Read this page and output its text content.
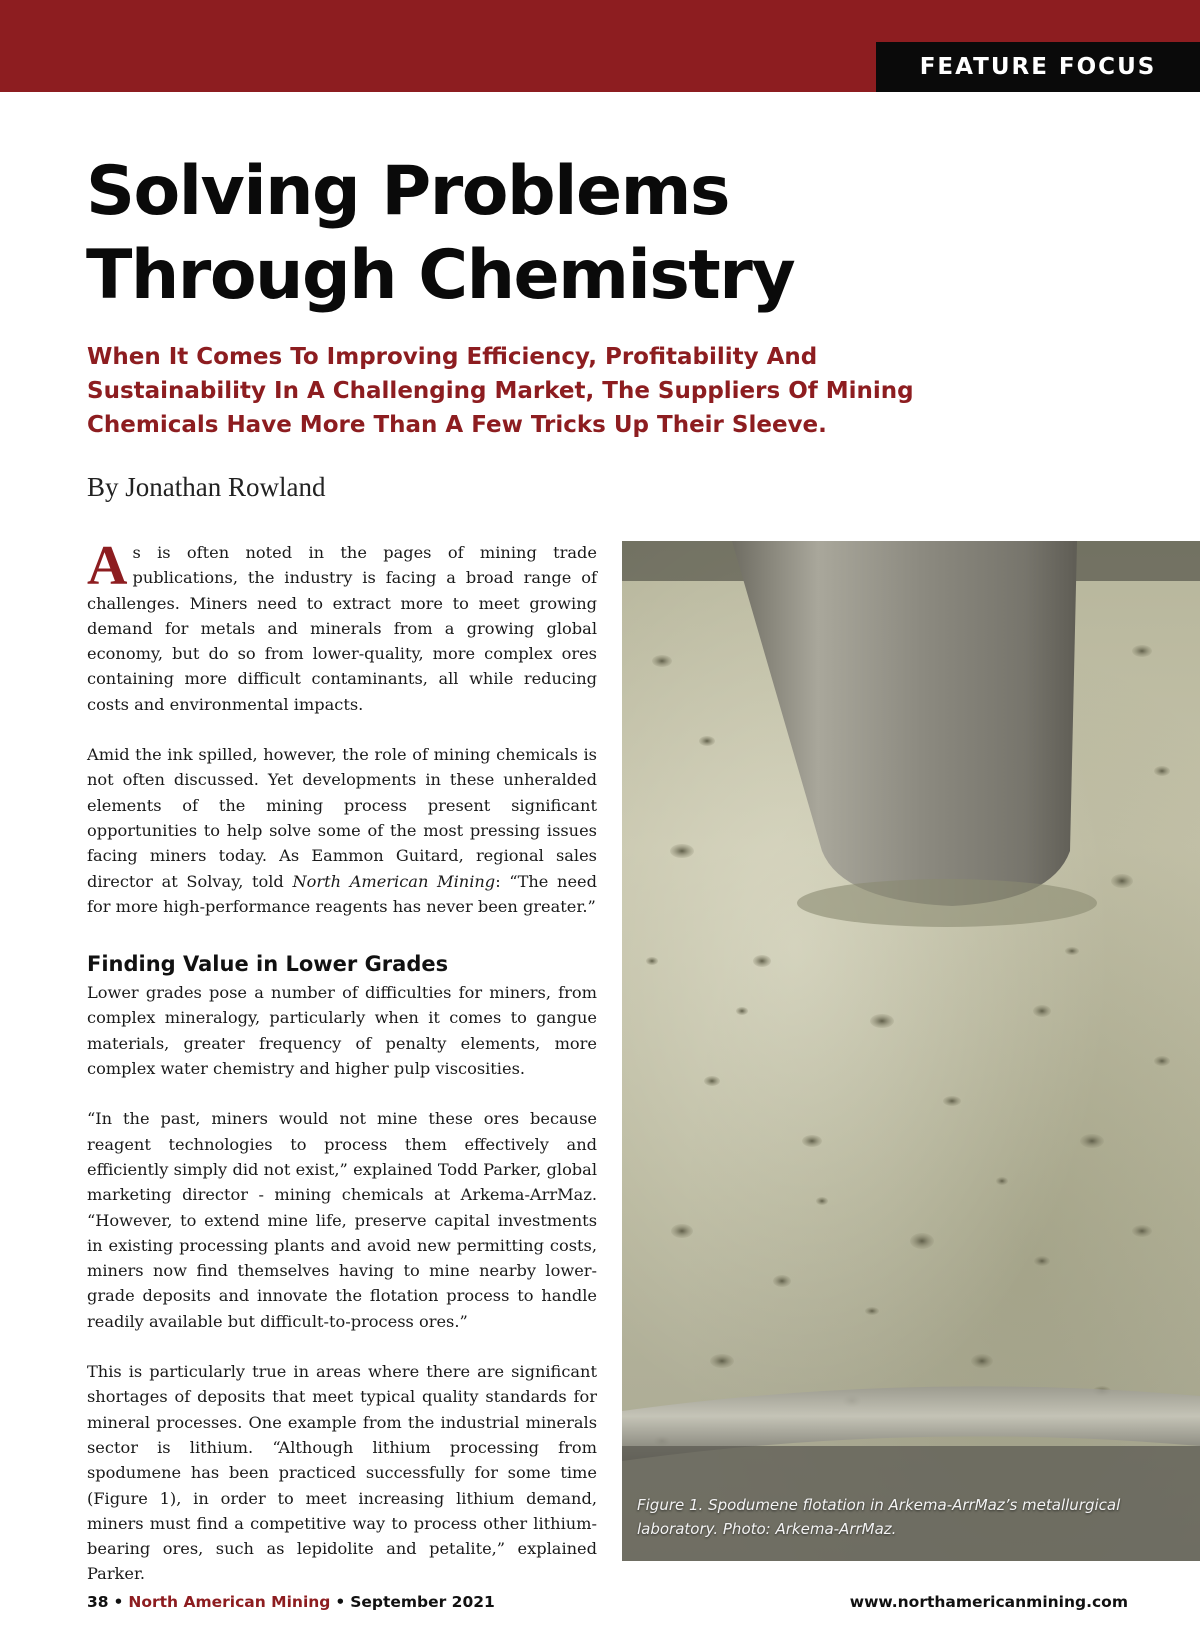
FEATURE FOCUS
Solving Problems
Through Chemistry

When It Comes To Improving Efficiency, Profitability And Sustainability In A Challenging Market, The Suppliers Of Mining Chemicals Have More Than A Few Tricks Up Their Sleeve.

By Jonathan Rowland

As is often noted in the pages of mining trade publications, the industry is facing a broad range of challenges. Miners need to extract more to meet growing demand for metals and minerals from a growing global economy, but do so from lower-quality, more complex ores containing more difficult contaminants, all while reducing costs and environmental impacts.

Amid the ink spilled, however, the role of mining chemicals is not often discussed. Yet developments in these unheralded elements of the mining process present significant opportunities to help solve some of the most pressing issues facing miners today. As Eammon Guitard, regional sales director at Solvay, told North American Mining: “The need for more high-performance reagents has never been greater.”

Finding Value in Lower Grades

Lower grades pose a number of difficulties for miners, from complex mineralogy, particularly when it comes to gangue materials, greater frequency of penalty elements, more complex water chemistry and higher pulp viscosities.

“In the past, miners would not mine these ores because reagent technologies to process them effectively and efficiently simply did not exist,” explained Todd Parker, global marketing director - mining chemicals at Arkema-ArrMaz. “However, to extend mine life, preserve capital investments in existing processing plants and avoid new permitting costs, miners now find themselves having to mine nearby lower-grade deposits and innovate the flotation process to handle readily available but difficult-to-process ores.”

This is particularly true in areas where there are significant shortages of deposits that meet typical quality standards for mineral processes. One example from the industrial minerals sector is lithium. “Although lithium processing from spodumene has been practiced successfully for some time (Figure 1), in order to meet increasing lithium demand, miners must find a competitive way to process other lithium-bearing ores, such as lepidolite and petalite,” explained Parker.

Figure 1. Spodumene flotation in Arkema-ArrMaz’s metallurgical laboratory. Photo: Arkema-ArrMaz.

38 • North American Mining • September 2021	www.northamericanmining.com
